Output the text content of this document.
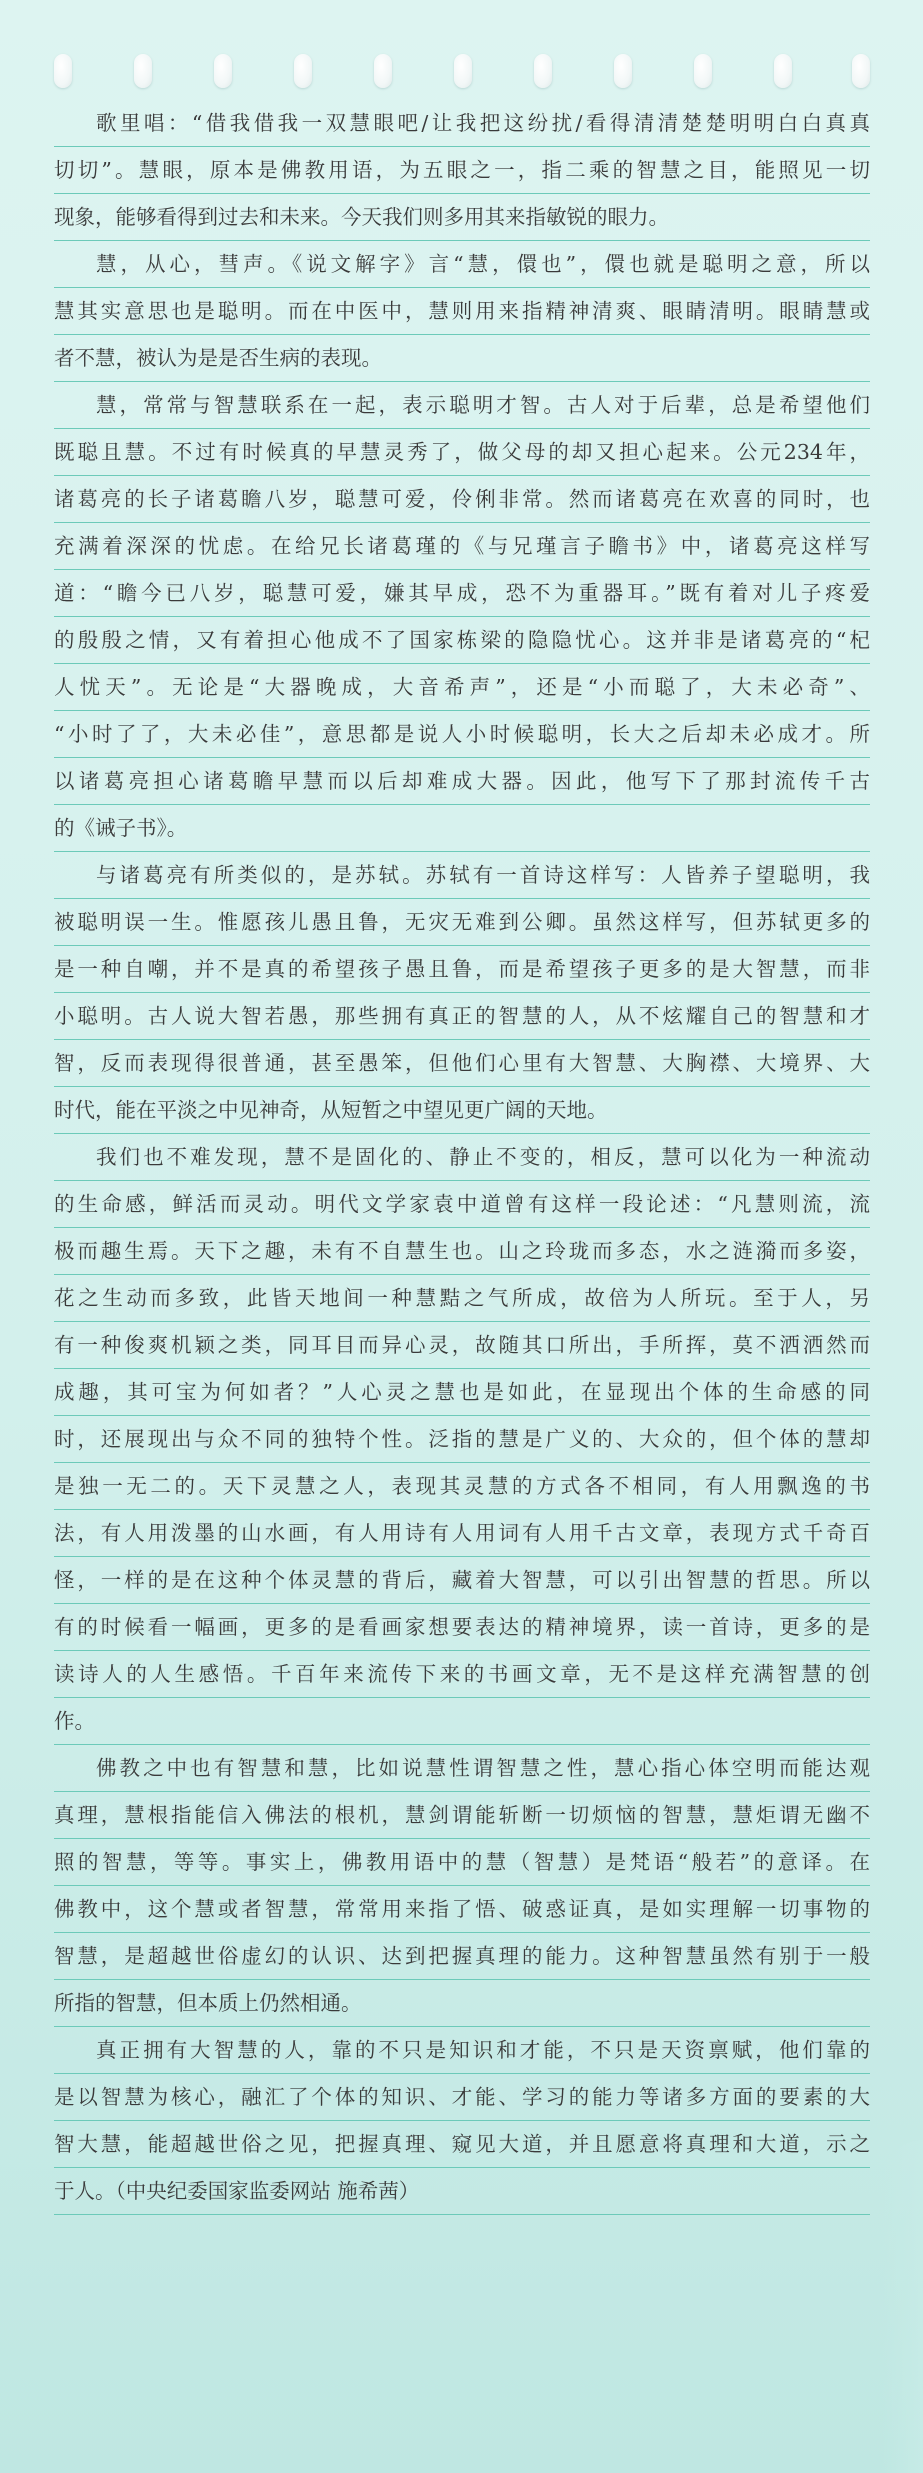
歌里唱：“借我借我一双慧眼吧/让我把这纷扰/看得清清楚楚明明白白真真
切切”。慧眼，原本是佛教用语，为五眼之一，指二乘的智慧之目，能照见一切
现象，能够看得到过去和未来。今天我们则多用其来指敏锐的眼力。
慧，从心，彗声。《说文解字》言“慧，儇也”，儇也就是聪明之意，所以
慧其实意思也是聪明。而在中医中，慧则用来指精神清爽、眼睛清明。眼睛慧或
者不慧，被认为是是否生病的表现。
慧，常常与智慧联系在一起，表示聪明才智。古人对于后辈，总是希望他们
既聪且慧。不过有时候真的早慧灵秀了，做父母的却又担心起来。公元234年，
诸葛亮的长子诸葛瞻八岁，聪慧可爱，伶俐非常。然而诸葛亮在欢喜的同时，也
充满着深深的忧虑。在给兄长诸葛瑾的《与兄瑾言子瞻书》中，诸葛亮这样写
道：“瞻今已八岁，聪慧可爱，嫌其早成，恐不为重器耳。”既有着对儿子疼爱
的殷殷之情，又有着担心他成不了国家栋梁的隐隐忧心。这并非是诸葛亮的“杞
人忧天”。无论是“大器晚成，大音希声”，还是“小而聪了，大未必奇”、
“小时了了，大未必佳”，意思都是说人小时候聪明，长大之后却未必成才。所
以诸葛亮担心诸葛瞻早慧而以后却难成大器。因此，他写下了那封流传千古
的《诫子书》。
与诸葛亮有所类似的，是苏轼。苏轼有一首诗这样写：人皆养子望聪明，我
被聪明误一生。惟愿孩儿愚且鲁，无灾无难到公卿。虽然这样写，但苏轼更多的
是一种自嘲，并不是真的希望孩子愚且鲁，而是希望孩子更多的是大智慧，而非
小聪明。古人说大智若愚，那些拥有真正的智慧的人，从不炫耀自己的智慧和才
智，反而表现得很普通，甚至愚笨，但他们心里有大智慧、大胸襟、大境界、大
时代，能在平淡之中见神奇，从短暂之中望见更广阔的天地。
我们也不难发现，慧不是固化的、静止不变的，相反，慧可以化为一种流动
的生命感，鲜活而灵动。明代文学家袁中道曾有这样一段论述：“凡慧则流，流
极而趣生焉。天下之趣，未有不自慧生也。山之玲珑而多态，水之涟漪而多姿，
花之生动而多致，此皆天地间一种慧黠之气所成，故倍为人所玩。至于人，另
有一种俊爽机颖之类，同耳目而异心灵，故随其口所出，手所挥，莫不洒洒然而
成趣，其可宝为何如者？”人心灵之慧也是如此，在显现出个体的生命感的同
时，还展现出与众不同的独特个性。泛指的慧是广义的、大众的，但个体的慧却
是独一无二的。天下灵慧之人，表现其灵慧的方式各不相同，有人用飘逸的书
法，有人用泼墨的山水画，有人用诗有人用词有人用千古文章，表现方式千奇百
怪，一样的是在这种个体灵慧的背后，藏着大智慧，可以引出智慧的哲思。所以
有的时候看一幅画，更多的是看画家想要表达的精神境界，读一首诗，更多的是
读诗人的人生感悟。千百年来流传下来的书画文章，无不是这样充满智慧的创
作。
佛教之中也有智慧和慧，比如说慧性谓智慧之性，慧心指心体空明而能达观
真理，慧根指能信入佛法的根机，慧剑谓能斩断一切烦恼的智慧，慧炬谓无幽不
照的智慧，等等。事实上，佛教用语中的慧（智慧）是梵语“般若”的意译。在
佛教中，这个慧或者智慧，常常用来指了悟、破惑证真，是如实理解一切事物的
智慧，是超越世俗虚幻的认识、达到把握真理的能力。这种智慧虽然有别于一般
所指的智慧，但本质上仍然相通。
真正拥有大智慧的人，靠的不只是知识和才能，不只是天资禀赋，他们靠的
是以智慧为核心，融汇了个体的知识、才能、学习的能力等诸多方面的要素的大
智大慧，能超越世俗之见，把握真理、窥见大道，并且愿意将真理和大道，示之
于人。（中央纪委国家监委网站 施希茜）
